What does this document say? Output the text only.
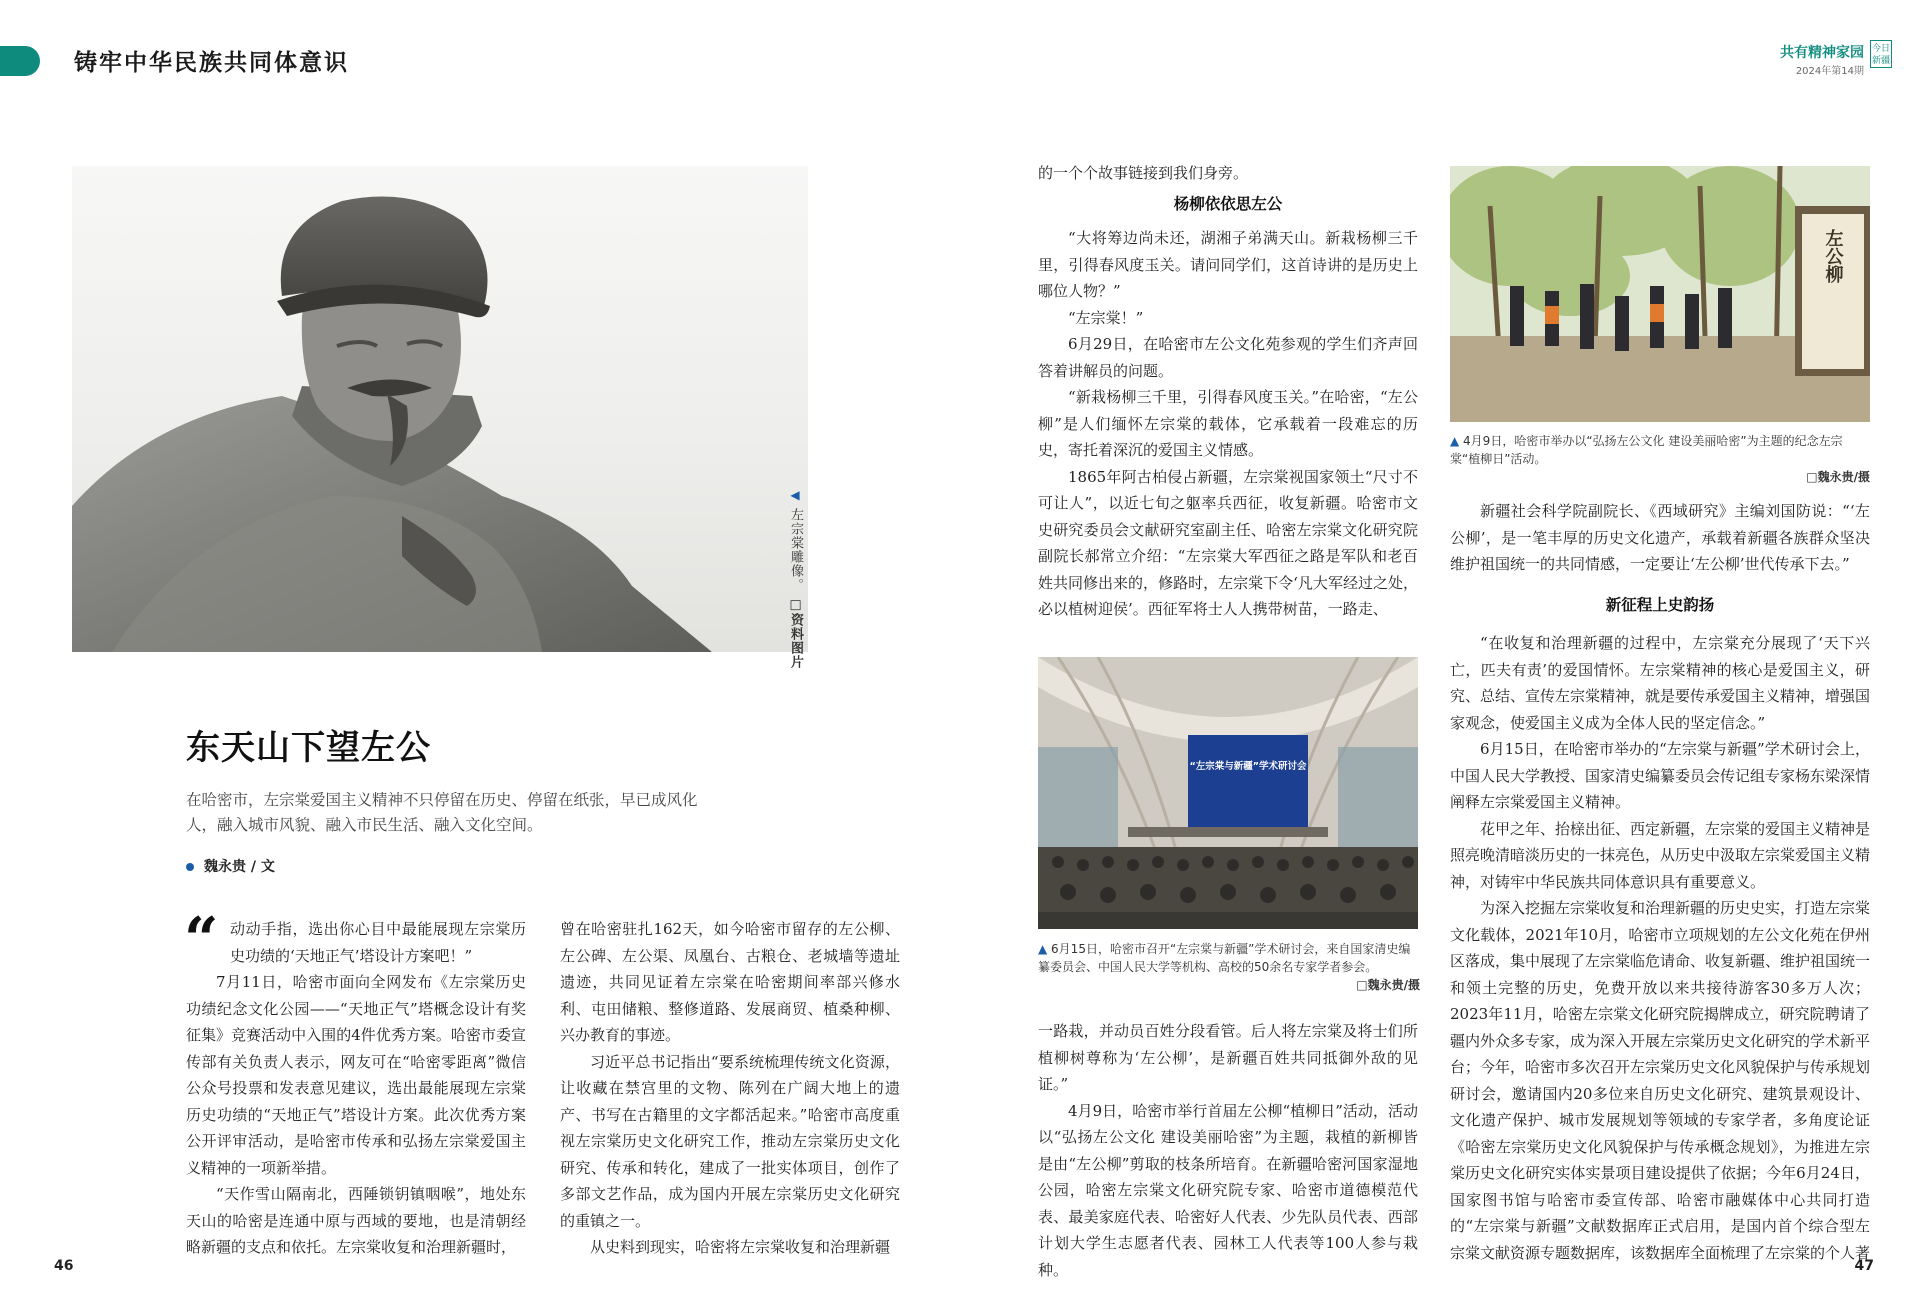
铸牢中华民族共同体意识	共有精神家园
2024年第14期
今日新疆
◀ 左宗棠雕像。 □资料图片
东天山下望左公
在哈密市，左宗棠爱国主义精神不只停留在历史、停留在纸张，早已成风化人，融入城市风貌、融入市民生活、融入文化空间。
魏永贵 / 文
“ 动动手指，选出你心目中最能展现左宗棠历史功绩的‘天地正气’塔设计方案吧！”

7月11日，哈密市面向全网发布《左宗棠历史功绩纪念文化公园——“天地正气”塔概念设计有奖征集》竞赛活动中入围的4件优秀方案。哈密市委宣传部有关负责人表示，网友可在“哈密零距离”微信公众号投票和发表意见建议，选出最能展现左宗棠历史功绩的“天地正气”塔设计方案。此次优秀方案公开评审活动，是哈密市传承和弘扬左宗棠爱国主义精神的一项新举措。

“天作雪山隔南北，西陲锁钥镇咽喉”，地处东天山的哈密是连通中原与西域的要地，也是清朝经略新疆的支点和依托。左宗棠收复和治理新疆时，

曾在哈密驻扎162天，如今哈密市留存的左公柳、左公碑、左公渠、凤凰台、古粮仓、老城墙等遗址遗迹，共同见证着左宗棠在哈密期间率部兴修水利、屯田储粮、整修道路、发展商贸、植桑种柳、兴办教育的事迹。

习近平总书记指出“要系统梳理传统文化资源，让收藏在禁宫里的文物、陈列在广阔大地上的遗产、书写在古籍里的文字都活起来。”哈密市高度重视左宗棠历史文化研究工作，推动左宗棠历史文化研究、传承和转化，建成了一批实体项目，创作了多部文艺作品，成为国内开展左宗棠历史文化研究的重镇之一。

从史料到现实，哈密将左宗棠收复和治理新疆

的一个个故事链接到我们身旁。

杨柳依依思左公

“大将筹边尚未还，湖湘子弟满天山。新栽杨柳三千里，引得春风度玉关。请问同学们，这首诗讲的是历史上哪位人物？”

“左宗棠！”

6月29日，在哈密市左公文化苑参观的学生们齐声回答着讲解员的问题。

“新栽杨柳三千里，引得春风度玉关。”在哈密，“左公柳”是人们缅怀左宗棠的载体，它承载着一段难忘的历史，寄托着深沉的爱国主义情感。

1865年阿古柏侵占新疆，左宗棠视国家领土“尺寸不可让人”，以近七旬之躯率兵西征，收复新疆。哈密市文史研究委员会文献研究室副主任、哈密左宗棠文化研究院副院长郝常立介绍：“左宗棠大军西征之路是军队和老百姓共同修出来的，修路时，左宗棠下令‘凡大军经过之处，必以植树迎侯’。西征军将士人人携带树苗，一路走、

“左宗棠与新疆”学术研讨会
▲ 6月15日，哈密市召开“左宗棠与新疆”学术研讨会，来自国家清史编纂委员会、中国人民大学等机构、高校的50余名专家学者参会。
□魏永贵/摄

一路栽，并动员百姓分段看管。后人将左宗棠及将士们所植柳树尊称为‘左公柳’，是新疆百姓共同抵御外敌的见证。”

4月9日，哈密市举行首届左公柳“植柳日”活动，活动以“弘扬左公文化 建设美丽哈密”为主题，栽植的新柳皆是由“左公柳”剪取的枝条所培育。在新疆哈密河国家湿地公园，哈密左宗棠文化研究院专家、哈密市道德模范代表、最美家庭代表、哈密好人代表、少先队员代表、西部计划大学生志愿者代表、园林工人代表等100人参与栽种。

左公柳
▲ 4月9日，哈密市举办以“弘扬左公文化 建设美丽哈密”为主题的纪念左宗棠“植柳日”活动。
□魏永贵/摄

新疆社会科学院副院长、《西域研究》主编刘国防说：“‘左公柳’，是一笔丰厚的历史文化遗产，承载着新疆各族群众坚决维护祖国统一的共同情感，一定要让‘左公柳’世代传承下去。”

新征程上史韵扬

“在收复和治理新疆的过程中，左宗棠充分展现了‘天下兴亡，匹夫有责’的爱国情怀。左宗棠精神的核心是爱国主义，研究、总结、宣传左宗棠精神，就是要传承爱国主义精神，增强国家观念，使爱国主义成为全体人民的坚定信念。”

6月15日，在哈密市举办的“左宗棠与新疆”学术研讨会上，中国人民大学教授、国家清史编纂委员会传记组专家杨东梁深情阐释左宗棠爱国主义精神。

花甲之年、抬榇出征、西定新疆，左宗棠的爱国主义精神是照亮晚清暗淡历史的一抹亮色，从历史中汲取左宗棠爱国主义精神，对铸牢中华民族共同体意识具有重要意义。

为深入挖掘左宗棠收复和治理新疆的历史史实，打造左宗棠文化载体，2021年10月，哈密市立项规划的左公文化苑在伊州区落成，集中展现了左宗棠临危请命、收复新疆、维护祖国统一和领土完整的历史，免费开放以来共接待游客30多万人次；2023年11月，哈密左宗棠文化研究院揭牌成立，研究院聘请了疆内外众多专家，成为深入开展左宗棠历史文化研究的学术新平台；今年，哈密市多次召开左宗棠历史文化风貌保护与传承规划研讨会，邀请国内20多位来自历史文化研究、建筑景观设计、文化遗产保护、城市发展规划等领域的专家学者，多角度论证《哈密左宗棠历史文化风貌保护与传承概念规划》，为推进左宗棠历史文化研究实体实景项目建设提供了依据；今年6月24日，国家图书馆与哈密市委宣传部、哈密市融媒体中心共同打造的“左宗棠与新疆”文献数据库正式启用，是国内首个综合型左宗棠文献资源专题数据库，该数据库全面梳理了左宗棠的个人著

46	47
